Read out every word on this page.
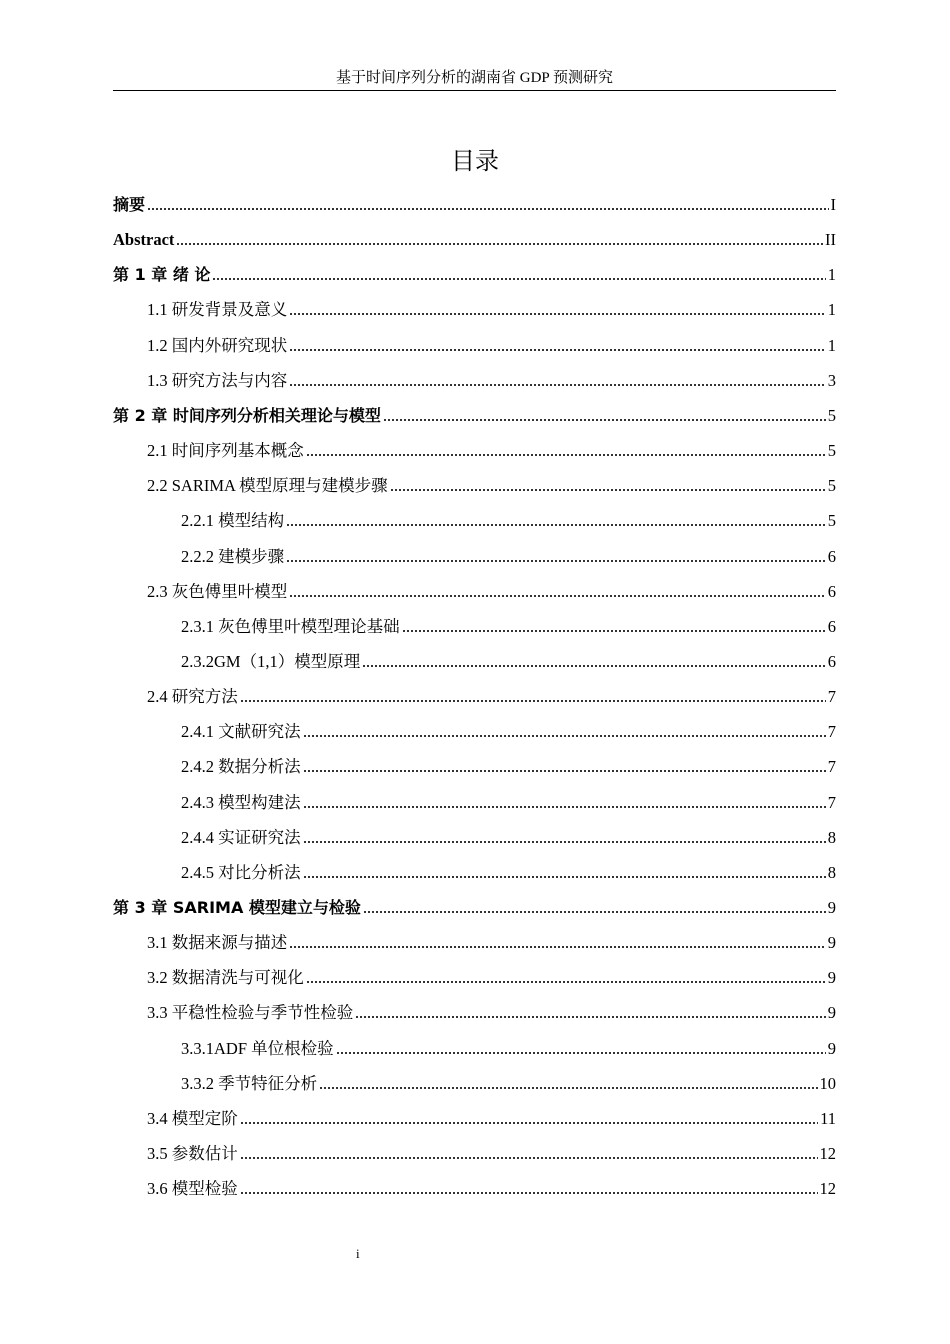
基于时间序列分析的湖南省 GDP 预测研究
目录
摘要	I
Abstract	II
第 1 章 绪 论	1
1.1 研发背景及意义	1
1.2 国内外研究现状	1
1.3 研究方法与内容	3
第 2 章 时间序列分析相关理论与模型	5
2.1 时间序列基本概念	5
2.2 SARIMA 模型原理与建模步骤	5
2.2.1 模型结构	5
2.2.2 建模步骤	6
2.3 灰色傅里叶模型	6
2.3.1 灰色傅里叶模型理论基础	6
2.3.2GM（1,1）模型原理	6
2.4 研究方法	7
2.4.1 文献研究法	7
2.4.2 数据分析法	7
2.4.3 模型构建法	7
2.4.4 实证研究法	8
2.4.5 对比分析法	8
第 3 章 SARIMA 模型建立与检验	9
3.1 数据来源与描述	9
3.2 数据清洗与可视化	9
3.3 平稳性检验与季节性检验	9
3.3.1ADF 单位根检验	9
3.3.2 季节特征分析	10
3.4 模型定阶	11
3.5 参数估计	12
3.6 模型检验	12
i
